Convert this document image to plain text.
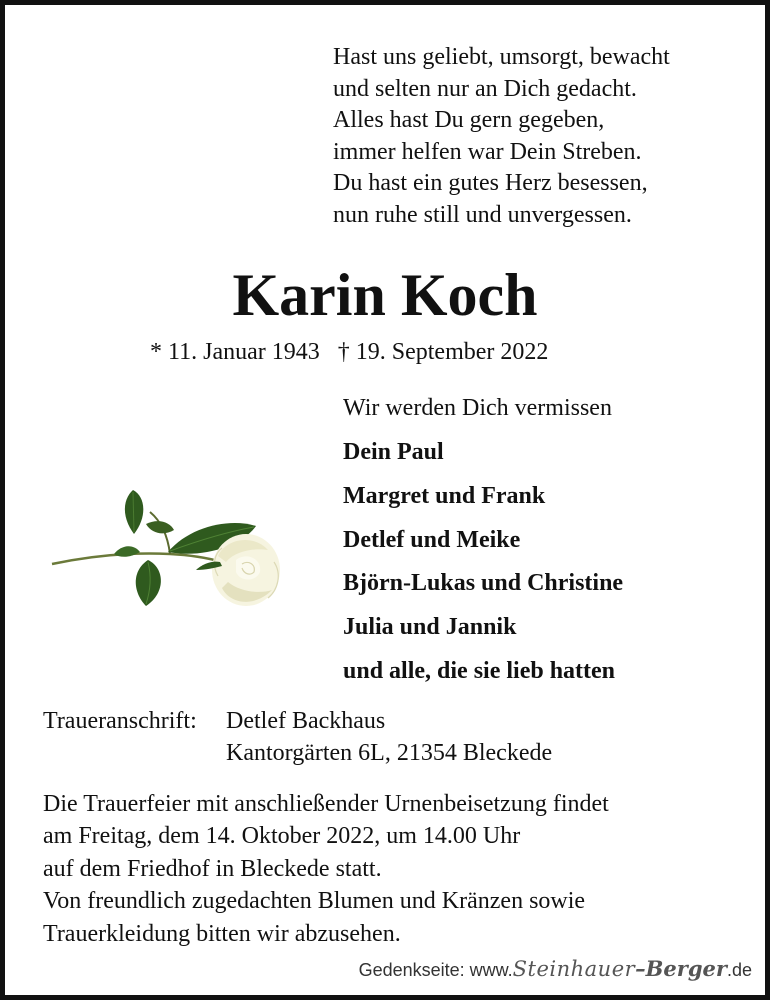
Hast uns geliebt, umsorgt, bewacht
und selten nur an Dich gedacht.
Alles hast Du gern gegeben,
immer helfen war Dein Streben.
Du hast ein gutes Herz besessen,
nun ruhe still und unvergessen.
Karin Koch
* 11. Januar 1943 † 19. September 2022
Wir werden Dich vermissen
Dein Paul
Margret und Frank
Detlef und Meike
Björn-Lukas und Christine
Julia und Jannik
und alle, die sie lieb hatten
Traueranschrift:	Detlef Backhaus
Kantorgärten 6L, 21354 Bleckede
Die Trauerfeier mit anschließender Urnenbeisetzung findet
am Freitag, dem 14. Oktober 2022, um 14.00 Uhr
auf dem Friedhof in Bleckede statt.
Von freundlich zugedachten Blumen und Kränzen sowie
Trauerkleidung bitten wir abzusehen.
Gedenkseite: www.Steinhauer–Berger.de
